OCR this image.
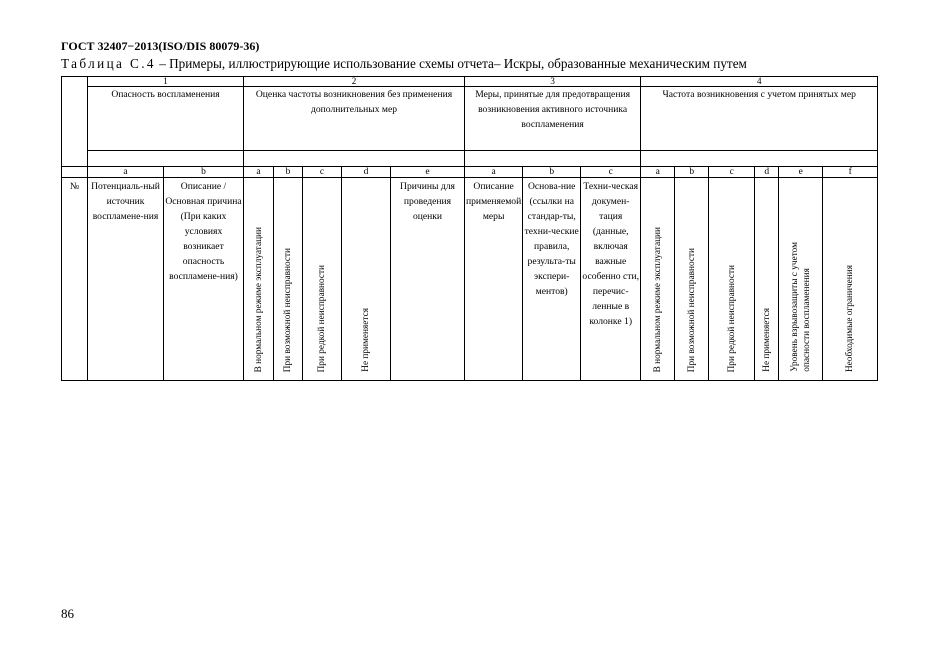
ГОСТ 32407−2013(ISO/DIS 80079-36)
Таблица С.4 – Примеры, иллюстрирующие использование схемы отчета– Искры, образованные механическим путем
	1		2					3			4					
	Опасность воспламенения		Оценка частоты возникновения без применения дополнительных мер					Меры, принятые для предотвращения возникновения активного источника воспламенения			Частота возникновения с учетом принятых мер					

	a	b	a	b	c	d	e	a	b	c	a	b	c	d	e	f
№	Потенциаль-ный источник воспламене-ния	Описание / Основная причина (При каких условиях возникает опасность воспламене-ния)	В нормальном режиме эксплуатации	При возможной неисправности	При редкой неисправности	Не применяется	Причины для проведения оценки	Описание применяемой меры	Основа-ние (ссылки на стандар-ты, техни-ческие правила, результа-ты экспери-ментов)	Техни-ческая докумен-тация (данные, включая важные особенно сти, перечис-ленные в колонке 1)	В нормальном режиме эксплуатации	При возможной неисправности	При редкой неисправности	Не применяется	Уровень взрывозащиты с учетом опасности воспламенения	Необходимые ограничения
86
